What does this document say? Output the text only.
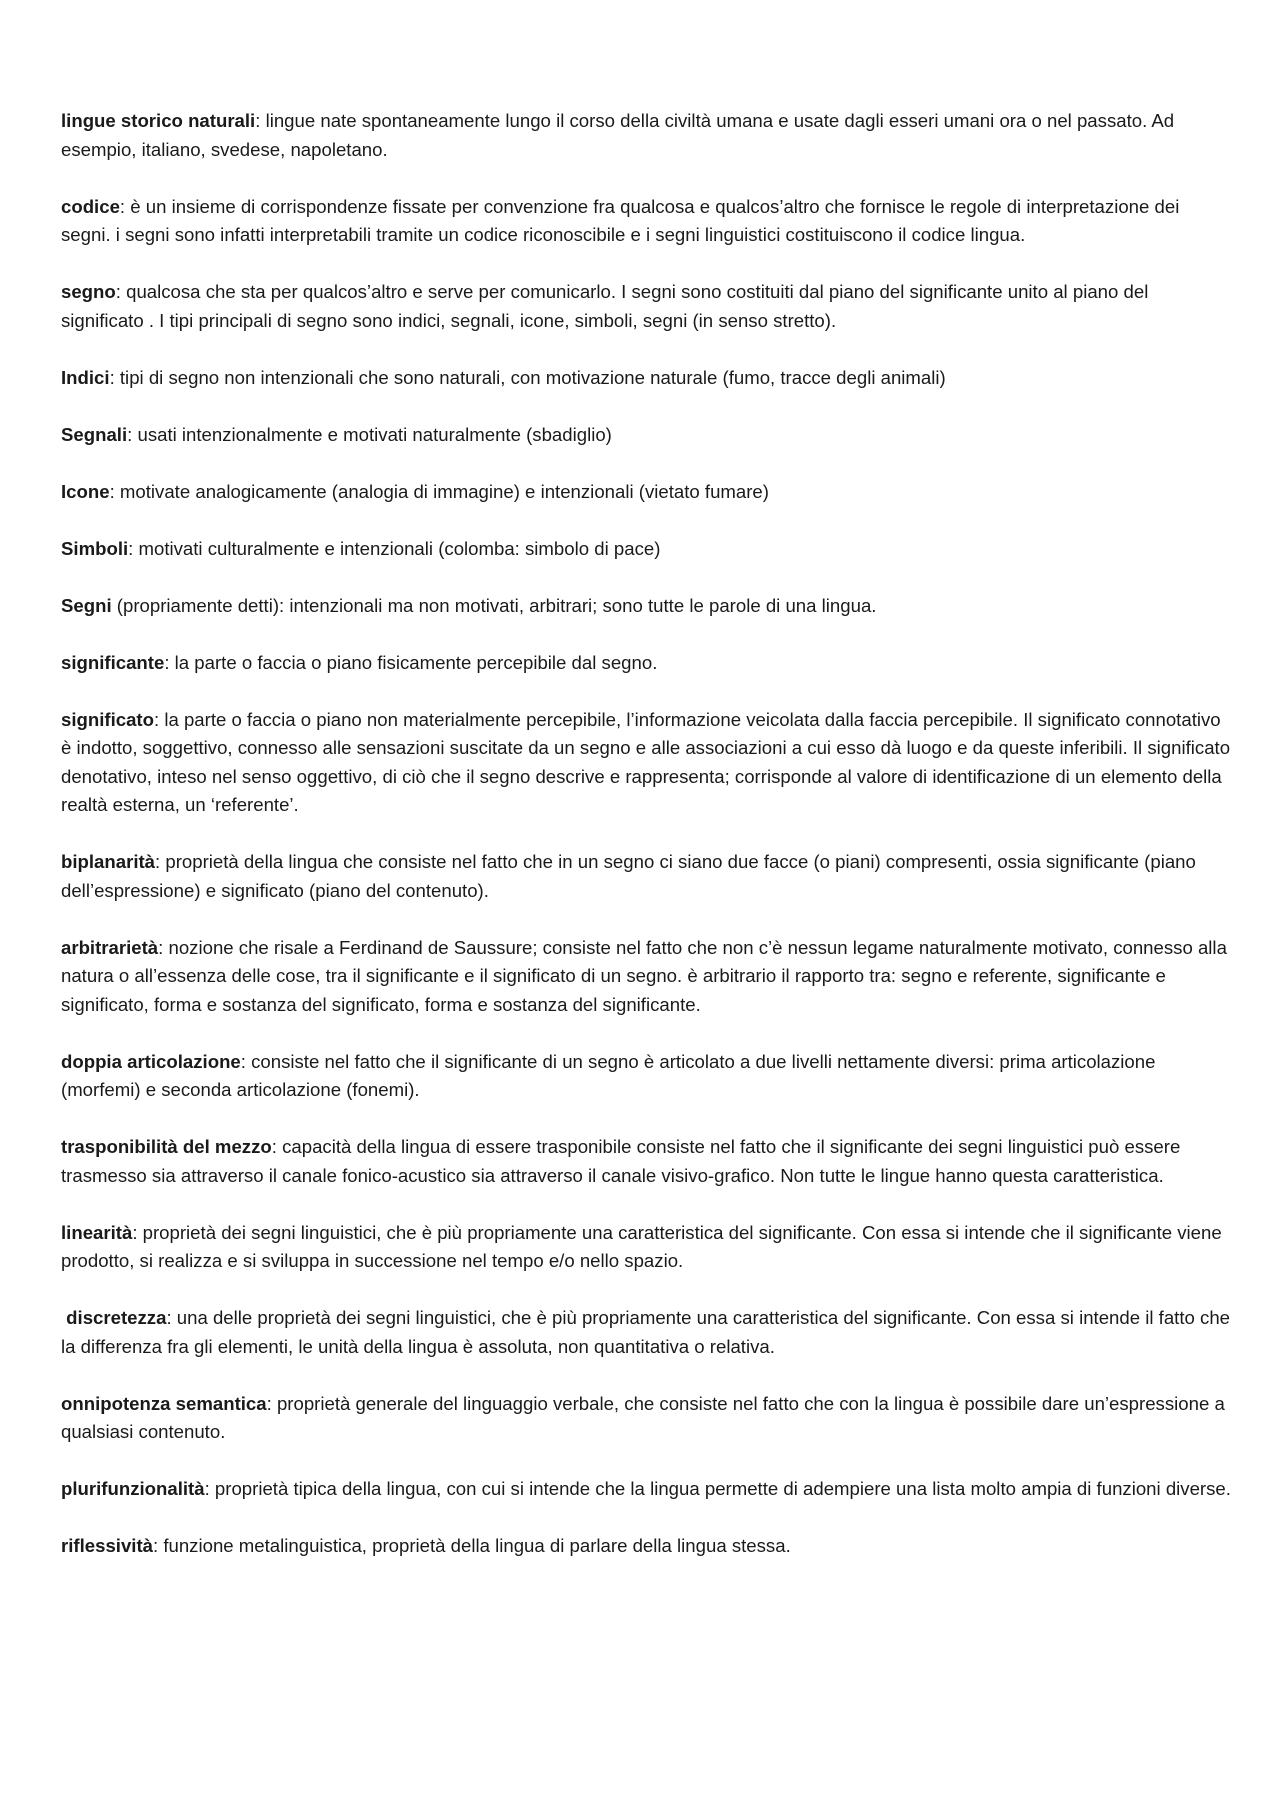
lingue storico naturali: lingue nate spontaneamente lungo il corso della civiltà umana e usate dagli esseri umani ora o nel passato. Ad esempio, italiano, svedese, napoletano.

codice: è un insieme di corrispondenze fissate per convenzione fra qualcosa e qualcos’altro che fornisce le regole di interpretazione dei segni. i segni sono infatti interpretabili tramite un codice riconoscibile e i segni linguistici costituiscono il codice lingua.

segno: qualcosa che sta per qualcos’altro e serve per comunicarlo. I segni sono costituiti dal piano del significante unito al piano del significato . I tipi principali di segno sono indici, segnali, icone, simboli, segni (in senso stretto).

Indici: tipi di segno non intenzionali che sono naturali, con motivazione naturale (fumo, tracce degli animali)

Segnali: usati intenzionalmente e motivati naturalmente (sbadiglio)

Icone: motivate analogicamente (analogia di immagine) e intenzionali (vietato fumare)

Simboli: motivati culturalmente e intenzionali (colomba: simbolo di pace)

Segni (propriamente detti): intenzionali ma non motivati, arbitrari; sono tutte le parole di una lingua.

significante: la parte o faccia o piano fisicamente percepibile dal segno.

significato: la parte o faccia o piano non materialmente percepibile, l’informazione veicolata dalla faccia percepibile. Il significato connotativo è indotto, soggettivo, connesso alle sensazioni suscitate da un segno e alle associazioni a cui esso dà luogo e da queste inferibili. Il significato denotativo, inteso nel senso oggettivo, di ciò che il segno descrive e rappresenta; corrisponde al valore di identificazione di un elemento della realtà esterna, un ‘referente’.

biplanarità: proprietà della lingua che consiste nel fatto che in un segno ci siano due facce (o piani) compresenti, ossia significante (piano dell’espressione) e significato (piano del contenuto).

arbitrarietà: nozione che risale a Ferdinand de Saussure; consiste nel fatto che non c’è nessun legame naturalmente motivato, connesso alla natura o all’essenza delle cose, tra il significante e il significato di un segno. è arbitrario il rapporto tra: segno e referente, significante e significato, forma e sostanza del significato, forma e sostanza del significante.

doppia articolazione: consiste nel fatto che il significante di un segno è articolato a due livelli nettamente diversi: prima articolazione (morfemi) e seconda articolazione (fonemi).

trasponibilità del mezzo: capacità della lingua di essere trasponibile consiste nel fatto che il significante dei segni linguistici può essere trasmesso sia attraverso il canale fonico-acustico sia attraverso il canale visivo-grafico. Non tutte le lingue hanno questa caratteristica.

linearità: proprietà dei segni linguistici, che è più propriamente una caratteristica del significante. Con essa si intende che il significante viene prodotto, si realizza e si sviluppa in successione nel tempo e/o nello spazio.

discretezza: una delle proprietà dei segni linguistici, che è più propriamente una caratteristica del significante. Con essa si intende il fatto che la differenza fra gli elementi, le unità della lingua è assoluta, non quantitativa o relativa.

onnipotenza semantica: proprietà generale del linguaggio verbale, che consiste nel fatto che con la lingua è possibile dare un’espressione a qualsiasi contenuto.

plurifunzionalità: proprietà tipica della lingua, con cui si intende che la lingua permette di adempiere una lista molto ampia di funzioni diverse.

riflessività: funzione metalinguistica, proprietà della lingua di parlare della lingua stessa.
